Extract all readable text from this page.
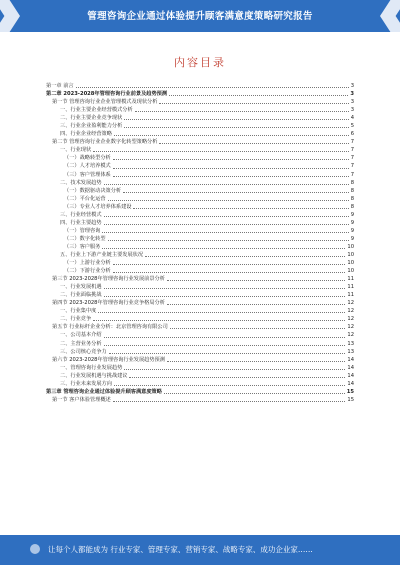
管理咨询企业通过体验提升顾客满意度策略研究报告
内容目录
第一章 前言	3
第二章 2023-2028年管理咨询行业前景及趋势预测	3
第一节 管理咨询行业企业管理模式及现状分析	3
一、行业主要企业经营模式分析	3
二、行业主要企业竞争现状	4
三、行业企业盈利能力分析	5
四、行业企业经营策略	6
第二节 管理咨询行业企业数字化转型策略分析	7
一、行业现状	7
（一）战略转型分析	7
（二）人才培养模式	7
（三）客户管理体系	7
二、技术发展趋势	8
（一）数据驱动决策分析	8
（二）平台化运营	8
（三）专业人才培养体系建设	8
三、行业经营模式	9
四、行业主要趋势	9
（一）管理咨询	9
（二）数字化转型	9
（三）客户服务	10
五、行业上下游产业链主要发展状况	10
（一）上游行业分析	10
（二）下游行业分析	10
第三节 2023-2028年管理咨询行业发展前景分析	11
一、行业发展机遇	11
二、行业面临挑战	11
第四节 2023-2028年管理咨询行业竞争格局分析	12
一、行业集中度	12
二、行业竞争	12
第五节 行业标杆企业分析：北京管理咨询有限公司	12
一、公司基本介绍	12
二、主营业务分析	13
三、公司核心竞争力	13
第六节 2023-2028年管理咨询行业发展趋势预测	14
一、管理咨询行业发展趋势	14
二、行业发展机遇与挑战建议	14
三、行业未来发展方向	14
第三章 管理咨询企业通过体验提升顾客满意度策略	15
第一节 客户体验管理概述	15
让每个人都能成为 行业专家、管理专家、营销专家、战略专家、成功企业家……
